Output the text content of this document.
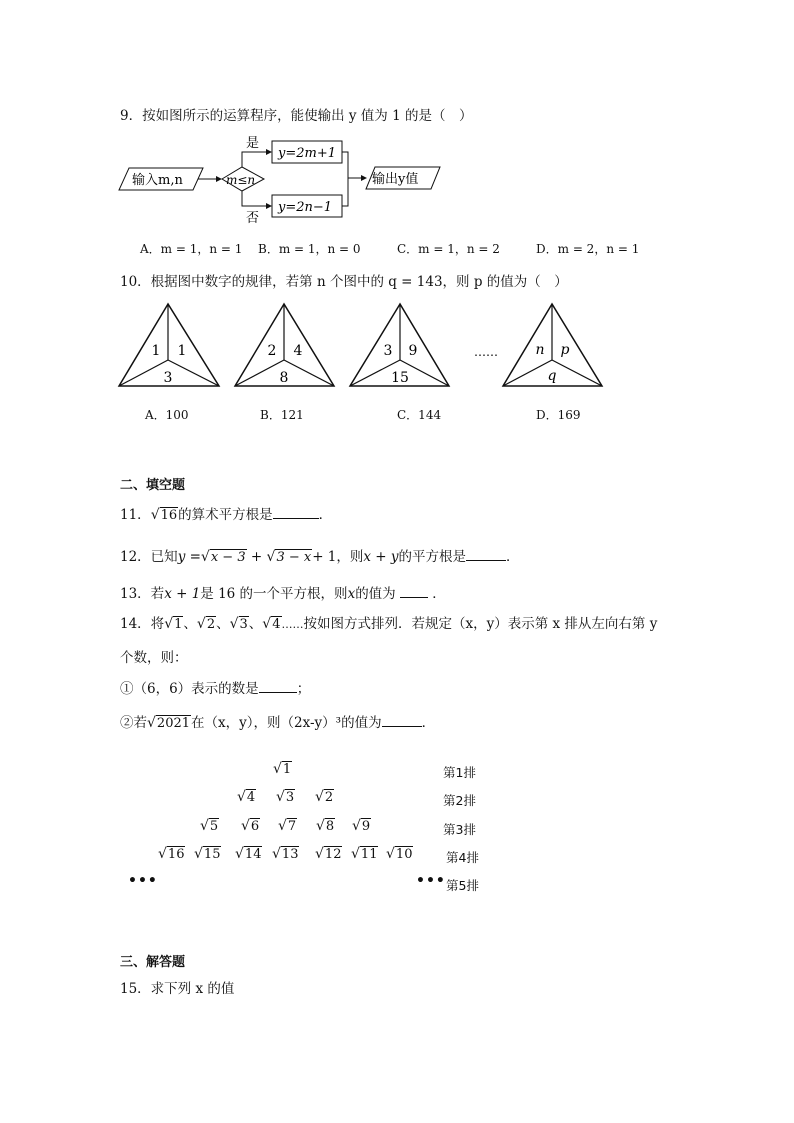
9．按如图所示的运算程序，能使输出 y 值为 1 的是（　）
输入m,n	m≤n
是
否
y=2m+1
y=2n−1
输出y值
A．m = 1，n = 1 B．m = 1，n = 0	C．m = 1，n = 2	D．m = 2，n = 1
10．根据图中数字的规律，若第 n 个图中的 q = 143，则 p 的值为（　）
1 1
3
2 4
8
3 9
15
……	n p
q
A．100	B．121	C．144	D．169
二、填空题
11．√16的算术平方根是	．
12．已知y =√x − 3 + √3 − x+ 1，则x + y的平方根是	．
13．若x + 1是 16 的一个平方根，则x的值为	．
14．将√1、√2、√3、√4……按如图方式排列．若规定（x，y）表示第 x 排从左向右第 y
个数，则：
①（6，6）表示的数是	；
②若√2021在（x，y），则（2x-y）³的值为	．
√1	第1排
√4 √3 √2	第2排
√5 √6 √7 √8 √9	第3排
√16 √15 √14 √13 √12 √11 √10	第4排
•••	••• 第5排
三、解答题
15．求下列 x 的值
